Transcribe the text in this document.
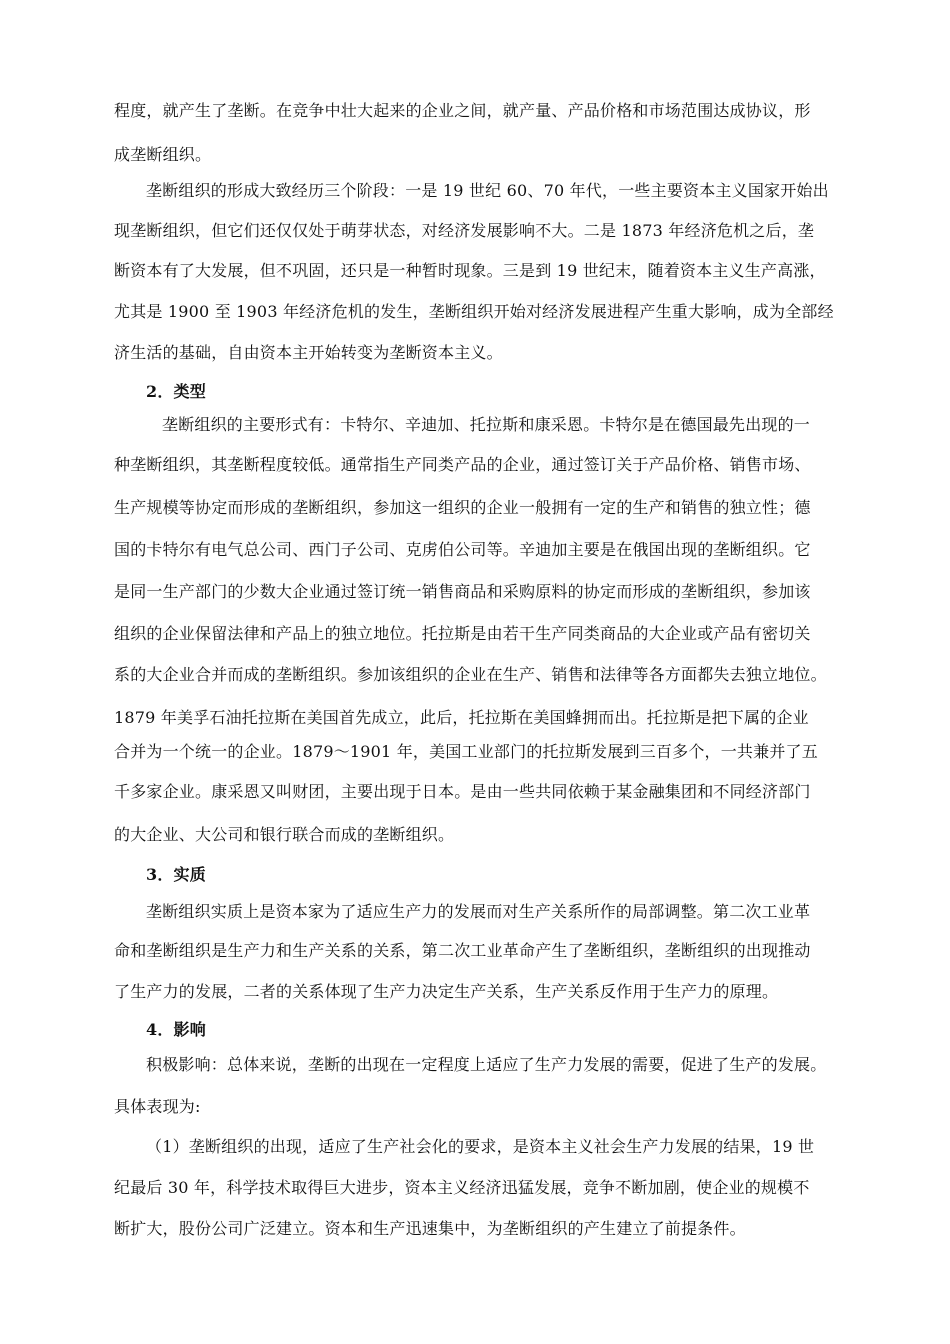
程度，就产生了垄断。在竞争中壮大起来的企业之间，就产量、产品价格和市场范围达成协议，形
成垄断组织。
垄断组织的形成大致经历三个阶段：一是 19 世纪 60、70 年代，一些主要资本主义国家开始出
现垄断组织，但它们还仅仅处于萌芽状态，对经济发展影响不大。二是 1873 年经济危机之后，垄
断资本有了大发展，但不巩固，还只是一种暂时现象。三是到 19 世纪末，随着资本主义生产高涨，
尤其是 1900 至 1903 年经济危机的发生，垄断组织开始对经济发展进程产生重大影响，成为全部经
济生活的基础，自由资本主开始转变为垄断资本主义。
2．类型
垄断组织的主要形式有：卡特尔、辛迪加、托拉斯和康采恩。卡特尔是在德国最先出现的一
种垄断组织，其垄断程度较低。通常指生产同类产品的企业，通过签订关于产品价格、销售市场、
生产规模等协定而形成的垄断组织，参加这一组织的企业一般拥有一定的生产和销售的独立性；德
国的卡特尔有电气总公司、西门子公司、克虏伯公司等。辛迪加主要是在俄国出现的垄断组织。它
是同一生产部门的少数大企业通过签订统一销售商品和采购原料的协定而形成的垄断组织，参加该
组织的企业保留法律和产品上的独立地位。托拉斯是由若干生产同类商品的大企业或产品有密切关
系的大企业合并而成的垄断组织。参加该组织的企业在生产、销售和法律等各方面都失去独立地位。
1879 年美孚石油托拉斯在美国首先成立，此后，托拉斯在美国蜂拥而出。托拉斯是把下属的企业
合并为一个统一的企业。1879～1901 年，美国工业部门的托拉斯发展到三百多个，一共兼并了五
千多家企业。康采恩又叫财团，主要出现于日本。是由一些共同依赖于某金融集团和不同经济部门
的大企业、大公司和银行联合而成的垄断组织。
3．实质
垄断组织实质上是资本家为了适应生产力的发展而对生产关系所作的局部调整。第二次工业革
命和垄断组织是生产力和生产关系的关系，第二次工业革命产生了垄断组织，垄断组织的出现推动
了生产力的发展，二者的关系体现了生产力决定生产关系，生产关系反作用于生产力的原理。
4．影响
积极影响：总体来说，垄断的出现在一定程度上适应了生产力发展的需要，促进了生产的发展。
具体表现为:
（1）垄断组织的出现，适应了生产社会化的要求，是资本主义社会生产力发展的结果，19 世
纪最后 30 年，科学技术取得巨大进步，资本主义经济迅猛发展，竞争不断加剧，使企业的规模不
断扩大，股份公司广泛建立。资本和生产迅速集中，为垄断组织的产生建立了前提条件。
